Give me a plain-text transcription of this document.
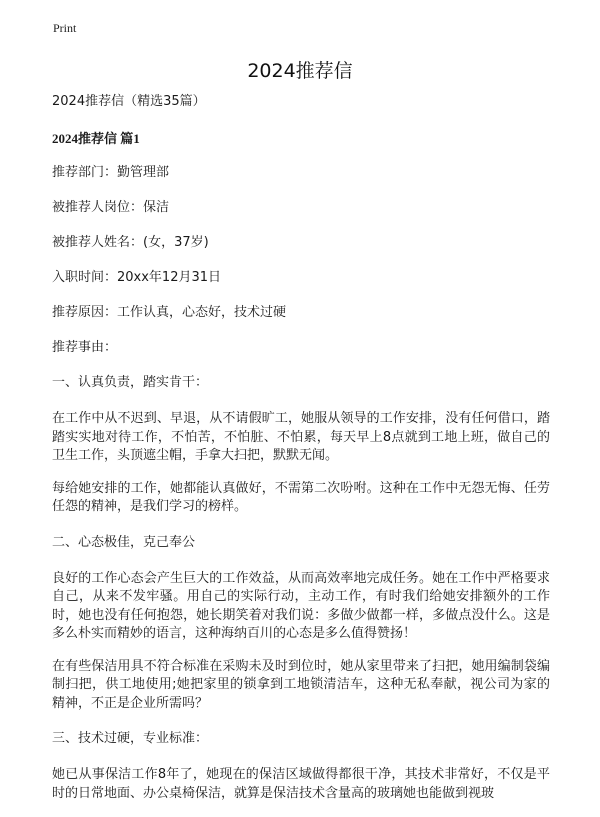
Print
2024推荐信
2024推荐信（精选35篇）
2024推荐信 篇1
推荐部门：勤管理部
被推荐人岗位：保洁
被推荐人姓名：(女，37岁)
入职时间：20xx年12月31日
推荐原因：工作认真，心态好，技术过硬
推荐事由：
一、认真负责，踏实肯干：

在工作中从不迟到、早退，从不请假旷工，她服从领导的工作安排，没有任何借口，踏踏实实地对待工作，不怕苦，不怕脏、不怕累，每天早上8点就到工地上班，做自己的卫生工作，头顶遮尘帽，手拿大扫把，默默无闻。

每给她安排的工作，她都能认真做好，不需第二次吩咐。这种在工作中无怨无悔、任劳任怨的精神，是我们学习的榜样。

二、心态极佳，克己奉公

良好的工作心态会产生巨大的工作效益，从而高效率地完成任务。她在工作中严格要求自己，从来不发牢骚。用自己的实际行动，主动工作，有时我们给她安排额外的工作时，她也没有任何抱怨，她长期笑着对我们说：多做少做都一样，多做点没什么。这是多么朴实而精妙的语言，这种海纳百川的心态是多么值得赞扬！

在有些保洁用具不符合标准在采购未及时到位时，她从家里带来了扫把，她用编制袋编制扫把，供工地使用;她把家里的锁拿到工地锁清洁车，这种无私奉献，视公司为家的精神，不正是企业所需吗？

三、技术过硬，专业标准：

她已从事保洁工作8年了，她现在的保洁区域做得都很干净，其技术非常好，不仅是平时的日常地面、办公桌椅保洁，就算是保洁技术含量高的玻璃她也能做到视玻
